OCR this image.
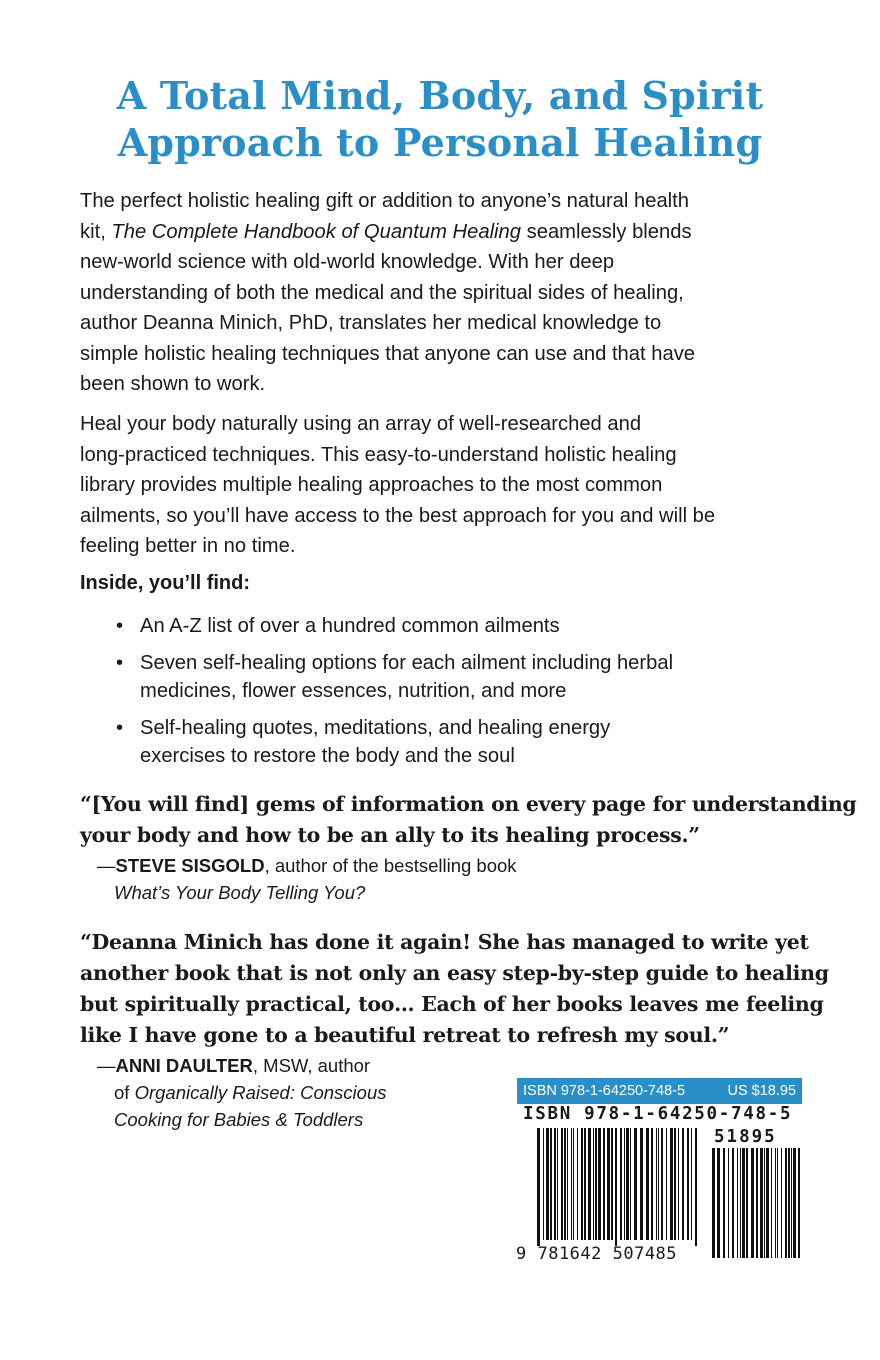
A Total Mind, Body, and Spirit
Approach to Personal Healing
The perfect holistic healing gift or addition to anyone’s natural health
kit, The Complete Handbook of Quantum Healing seamlessly blends
new-world science with old-world knowledge. With her deep
understanding of both the medical and the spiritual sides of healing,
author Deanna Minich, PhD, translates her medical knowledge to
simple holistic healing techniques that anyone can use and that have
been shown to work.
Heal your body naturally using an array of well-researched and
long-practiced techniques. This easy-to-understand holistic healing
library provides multiple healing approaches to the most common
ailments, so you’ll have access to the best approach for you and will be
feeling better in no time.
Inside, you’ll find:
• An A-Z list of over a hundred common ailments
• Seven self-healing options for each ailment including herbal
medicines, flower essences, nutrition, and more
• Self-healing quotes, meditations, and healing energy
exercises to restore the body and the soul
“[You will find] gems of information on every page for understanding
your body and how to be an ally to its healing process.”
—STEVE SISGOLD, author of the bestselling book
What’s Your Body Telling You?
“Deanna Minich has done it again! She has managed to write yet
another book that is not only an easy step-by-step guide to healing
but spiritually practical, too… Each of her books leaves me feeling
like I have gone to a beautiful retreat to refresh my soul.”
—ANNI DAULTER, MSW, author
of Organically Raised: Conscious
Cooking for Babies & Toddlers
ISBN 978-1-64250-748-5	US $18.95
ISBN 978-1-64250-748-5
51895
9 781642 507485
